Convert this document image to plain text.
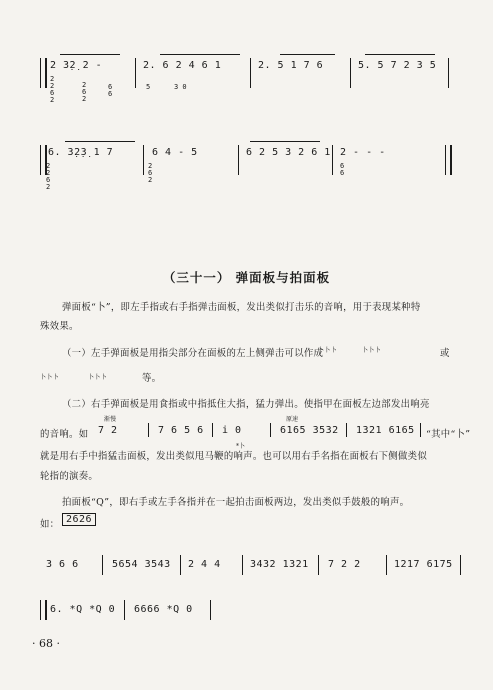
2 3̣2̣ 2 -	2. 6 2 4 6 1	2. 5 1 7 6	5. 5 7 2 3 5
2
2
6
2
2
6
2
6
6
5	3 0
6. 3̣2̣3̣ 1 7	6 4 - 5	6 2 5 3 2 6 1 2 - - -
2
2
6
2
2
6
2
6
6
（三十一） 弹面板与拍面板
弹面板“卜”，即左手指或右手指弹击面板，发出类似打击乐的音响，用于表现某种特
殊效果。
（一）左手弹面板是用指尖部分在面板的左上侧弹击可以作成
卜卜卜	卜卜卜	或
卜卜卜	卜卜卜	等。
（二）右手弹面板是用食指或中指抵住大指，猛力弹出。使指甲在面板左边部发出响亮
渐慢	原速
的音响。如 7 2	7 6 5 6 i 0
*卜
6165 3532 1321 6165 “其中“卜”
就是用右手中指猛击面板，发出类似甩马鞭的响声。也可以用右手名指在面板右下侧做类似
轮指的演奏。
拍面板“Q”，即右手或左手各指并在一起拍击面板两边，发出类似手鼓般的响声。
如： 2626
3 6 6	5654 3543 2 4 4	3432 1321 7 2 2	1217 6175
6. *Q *Q 0 6666 *Q 0
· 68 ·
